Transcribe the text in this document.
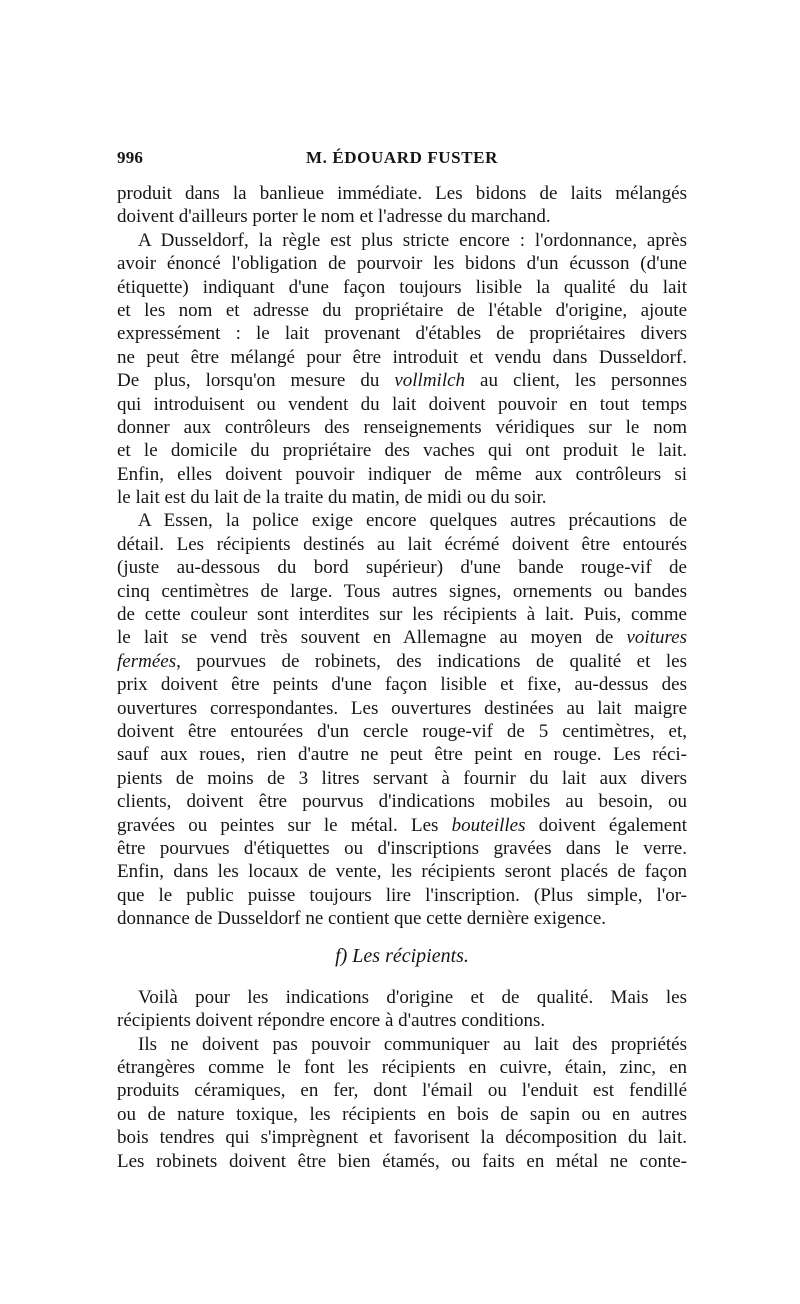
996	M. ÉDOUARD FUSTER
produit dans la banlieue immédiate. Les bidons de laits mélangés
doivent d'ailleurs porter le nom et l'adresse du marchand.
A Dusseldorf, la règle est plus stricte encore : l'ordonnance, après
avoir énoncé l'obligation de pourvoir les bidons d'un écusson (d'une
étiquette) indiquant d'une façon toujours lisible la qualité du lait
et les nom et adresse du propriétaire de l'étable d'origine, ajoute
expressément : le lait provenant d'étables de propriétaires divers
ne peut être mélangé pour être introduit et vendu dans Dusseldorf.
De plus, lorsqu'on mesure du vollmilch au client, les personnes
qui introduisent ou vendent du lait doivent pouvoir en tout temps
donner aux contrôleurs des renseignements véridiques sur le nom
et le domicile du propriétaire des vaches qui ont produit le lait.
Enfin, elles doivent pouvoir indiquer de même aux contrôleurs si
le lait est du lait de la traite du matin, de midi ou du soir.
A Essen, la police exige encore quelques autres précautions de
détail. Les récipients destinés au lait écrémé doivent être entourés
(juste au-dessous du bord supérieur) d'une bande rouge-vif de
cinq centimètres de large. Tous autres signes, ornements ou bandes
de cette couleur sont interdites sur les récipients à lait. Puis, comme
le lait se vend très souvent en Allemagne au moyen de voitures
fermées, pourvues de robinets, des indications de qualité et les
prix doivent être peints d'une façon lisible et fixe, au-dessus des
ouvertures correspondantes. Les ouvertures destinées au lait maigre
doivent être entourées d'un cercle rouge-vif de 5 centimètres, et,
sauf aux roues, rien d'autre ne peut être peint en rouge. Les réci-
pients de moins de 3 litres servant à fournir du lait aux divers
clients, doivent être pourvus d'indications mobiles au besoin, ou
gravées ou peintes sur le métal. Les bouteilles doivent également
être pourvues d'étiquettes ou d'inscriptions gravées dans le verre.
Enfin, dans les locaux de vente, les récipients seront placés de façon
que le public puisse toujours lire l'inscription. (Plus simple, l'or-
donnance de Dusseldorf ne contient que cette dernière exigence.
f) Les récipients.
Voilà pour les indications d'origine et de qualité. Mais les
récipients doivent répondre encore à d'autres conditions.
Ils ne doivent pas pouvoir communiquer au lait des propriétés
étrangères comme le font les récipients en cuivre, étain, zinc, en
produits céramiques, en fer, dont l'émail ou l'enduit est fendillé
ou de nature toxique, les récipients en bois de sapin ou en autres
bois tendres qui s'imprègnent et favorisent la décomposition du lait.
Les robinets doivent être bien étamés, ou faits en métal ne conte-
